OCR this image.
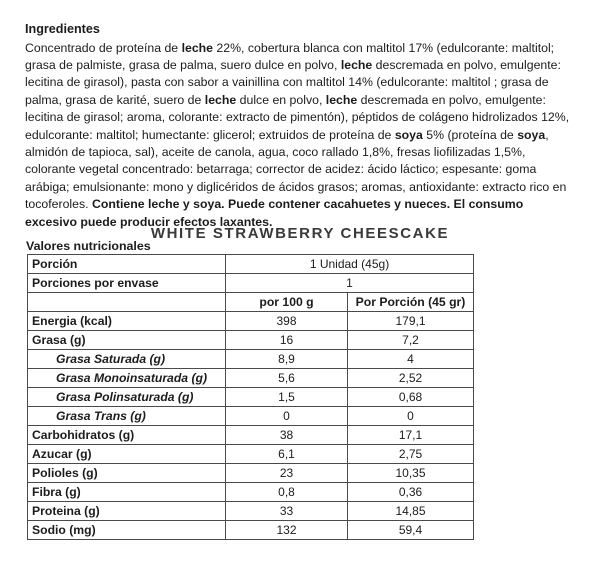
Ingredientes

Concentrado de proteína de leche 22%, cobertura blanca con maltitol 17% (edulcorante: maltitol; grasa de palmiste, grasa de palma, suero dulce en polvo, leche descremada en polvo, emulgente: lecitina de girasol), pasta con sabor a vainillina con maltitol 14% (edulcorante: maltitol ; grasa de palma, grasa de karité, suero de leche dulce en polvo, leche descremada en polvo, emulgente: lecitina de girasol; aroma, colorante: extracto de pimentón), péptidos de colágeno hidrolizados 12%, edulcorante: maltitol; humectante: glicerol; extruidos de proteína de soya 5% (proteína de soya, almidón de tapioca, sal), aceite de canola, agua, coco rallado 1,8%, fresas liofilizadas 1,5%, colorante vegetal concentrado: betarraga; corrector de acidez: ácido láctico; espesante: goma arábiga; emulsionante: mono y diglicéridos de ácidos grasos; aromas, antioxidante: extracto rico en tocoferoles. Contiene leche y soya. Puede contener cacahuetes y nueces. El consumo excesivo puede producir efectos laxantes.

WHITE STRAWBERRY CHEESCAKE
Valores nutricionales
Porción	1 Unidad (45g)	
Porciones por envase	1	
	por 100 g	Por Porción (45 gr)
Energia (kcal)	398	179,1
Grasa (g)	16	7,2
Grasa Saturada (g)	8,9	4
Grasa Monoinsaturada (g)	5,6	2,52
Grasa Polinsaturada (g)	1,5	0,68
Grasa Trans (g)	0	0
Carbohidratos (g)	38	17,1
Azucar (g)	6,1	2,75
Polioles (g)	23	10,35
Fibra (g)	0,8	0,36
Proteina (g)	33	14,85
Sodio (mg)	132	59,4
